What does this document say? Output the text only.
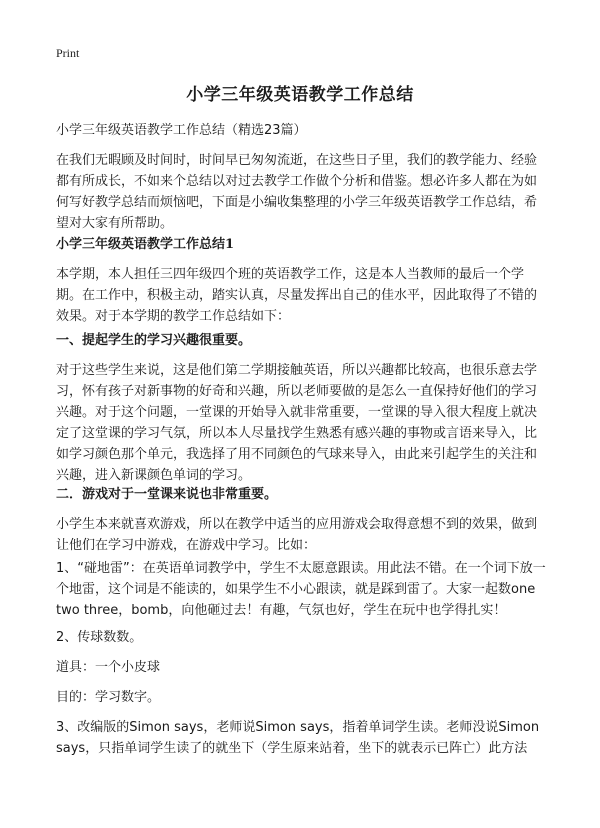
Print
小学三年级英语教学工作总结

小学三年级英语教学工作总结（精选23篇）

在我们无暇顾及时间时，时间早已匆匆流逝，在这些日子里，我们的教学能力、经验都有所成长，不如来个总结以对过去教学工作做个分析和借鉴。想必许多人都在为如何写好教学总结而烦恼吧，下面是小编收集整理的小学三年级英语教学工作总结，希望对大家有所帮助。

小学三年级英语教学工作总结1

本学期，本人担任三四年级四个班的英语教学工作，这是本人当教师的最后一个学期。在工作中，积极主动，踏实认真，尽量发挥出自己的佳水平，因此取得了不错的效果。对于本学期的教学工作总结如下：

一、提起学生的学习兴趣很重要。

对于这些学生来说，这是他们第二学期接触英语，所以兴趣都比较高，也很乐意去学习，怀有孩子对新事物的好奇和兴趣，所以老师要做的是怎么一直保持好他们的学习兴趣。对于这个问题，一堂课的开始导入就非常重要，一堂课的导入很大程度上就决定了这堂课的学习气氛，所以本人尽量找学生熟悉有感兴趣的事物或言语来导入，比如学习颜色那个单元，我选择了用不同颜色的气球来导入，由此来引起学生的关注和兴趣，进入新课颜色单词的学习。

二．游戏对于一堂课来说也非常重要。

小学生本来就喜欢游戏，所以在教学中适当的应用游戏会取得意想不到的效果，做到让他们在学习中游戏，在游戏中学习。比如：

1、“碰地雷”：在英语单词教学中，学生不太愿意跟读。用此法不错。在一个词下放一个地雷，这个词是不能读的，如果学生不小心跟读，就是踩到雷了。大家一起数one two three，bomb，向他砸过去！有趣，气氛也好，学生在玩中也学得扎实！

2、传球数数。

道具：一个小皮球

目的：学习数字。

3、改编版的Simon says，老师说Simon says，指着单词学生读。老师没说Simon says，只指单词学生读了的就坐下（学生原来站着，坐下的就表示已阵亡）此方法
